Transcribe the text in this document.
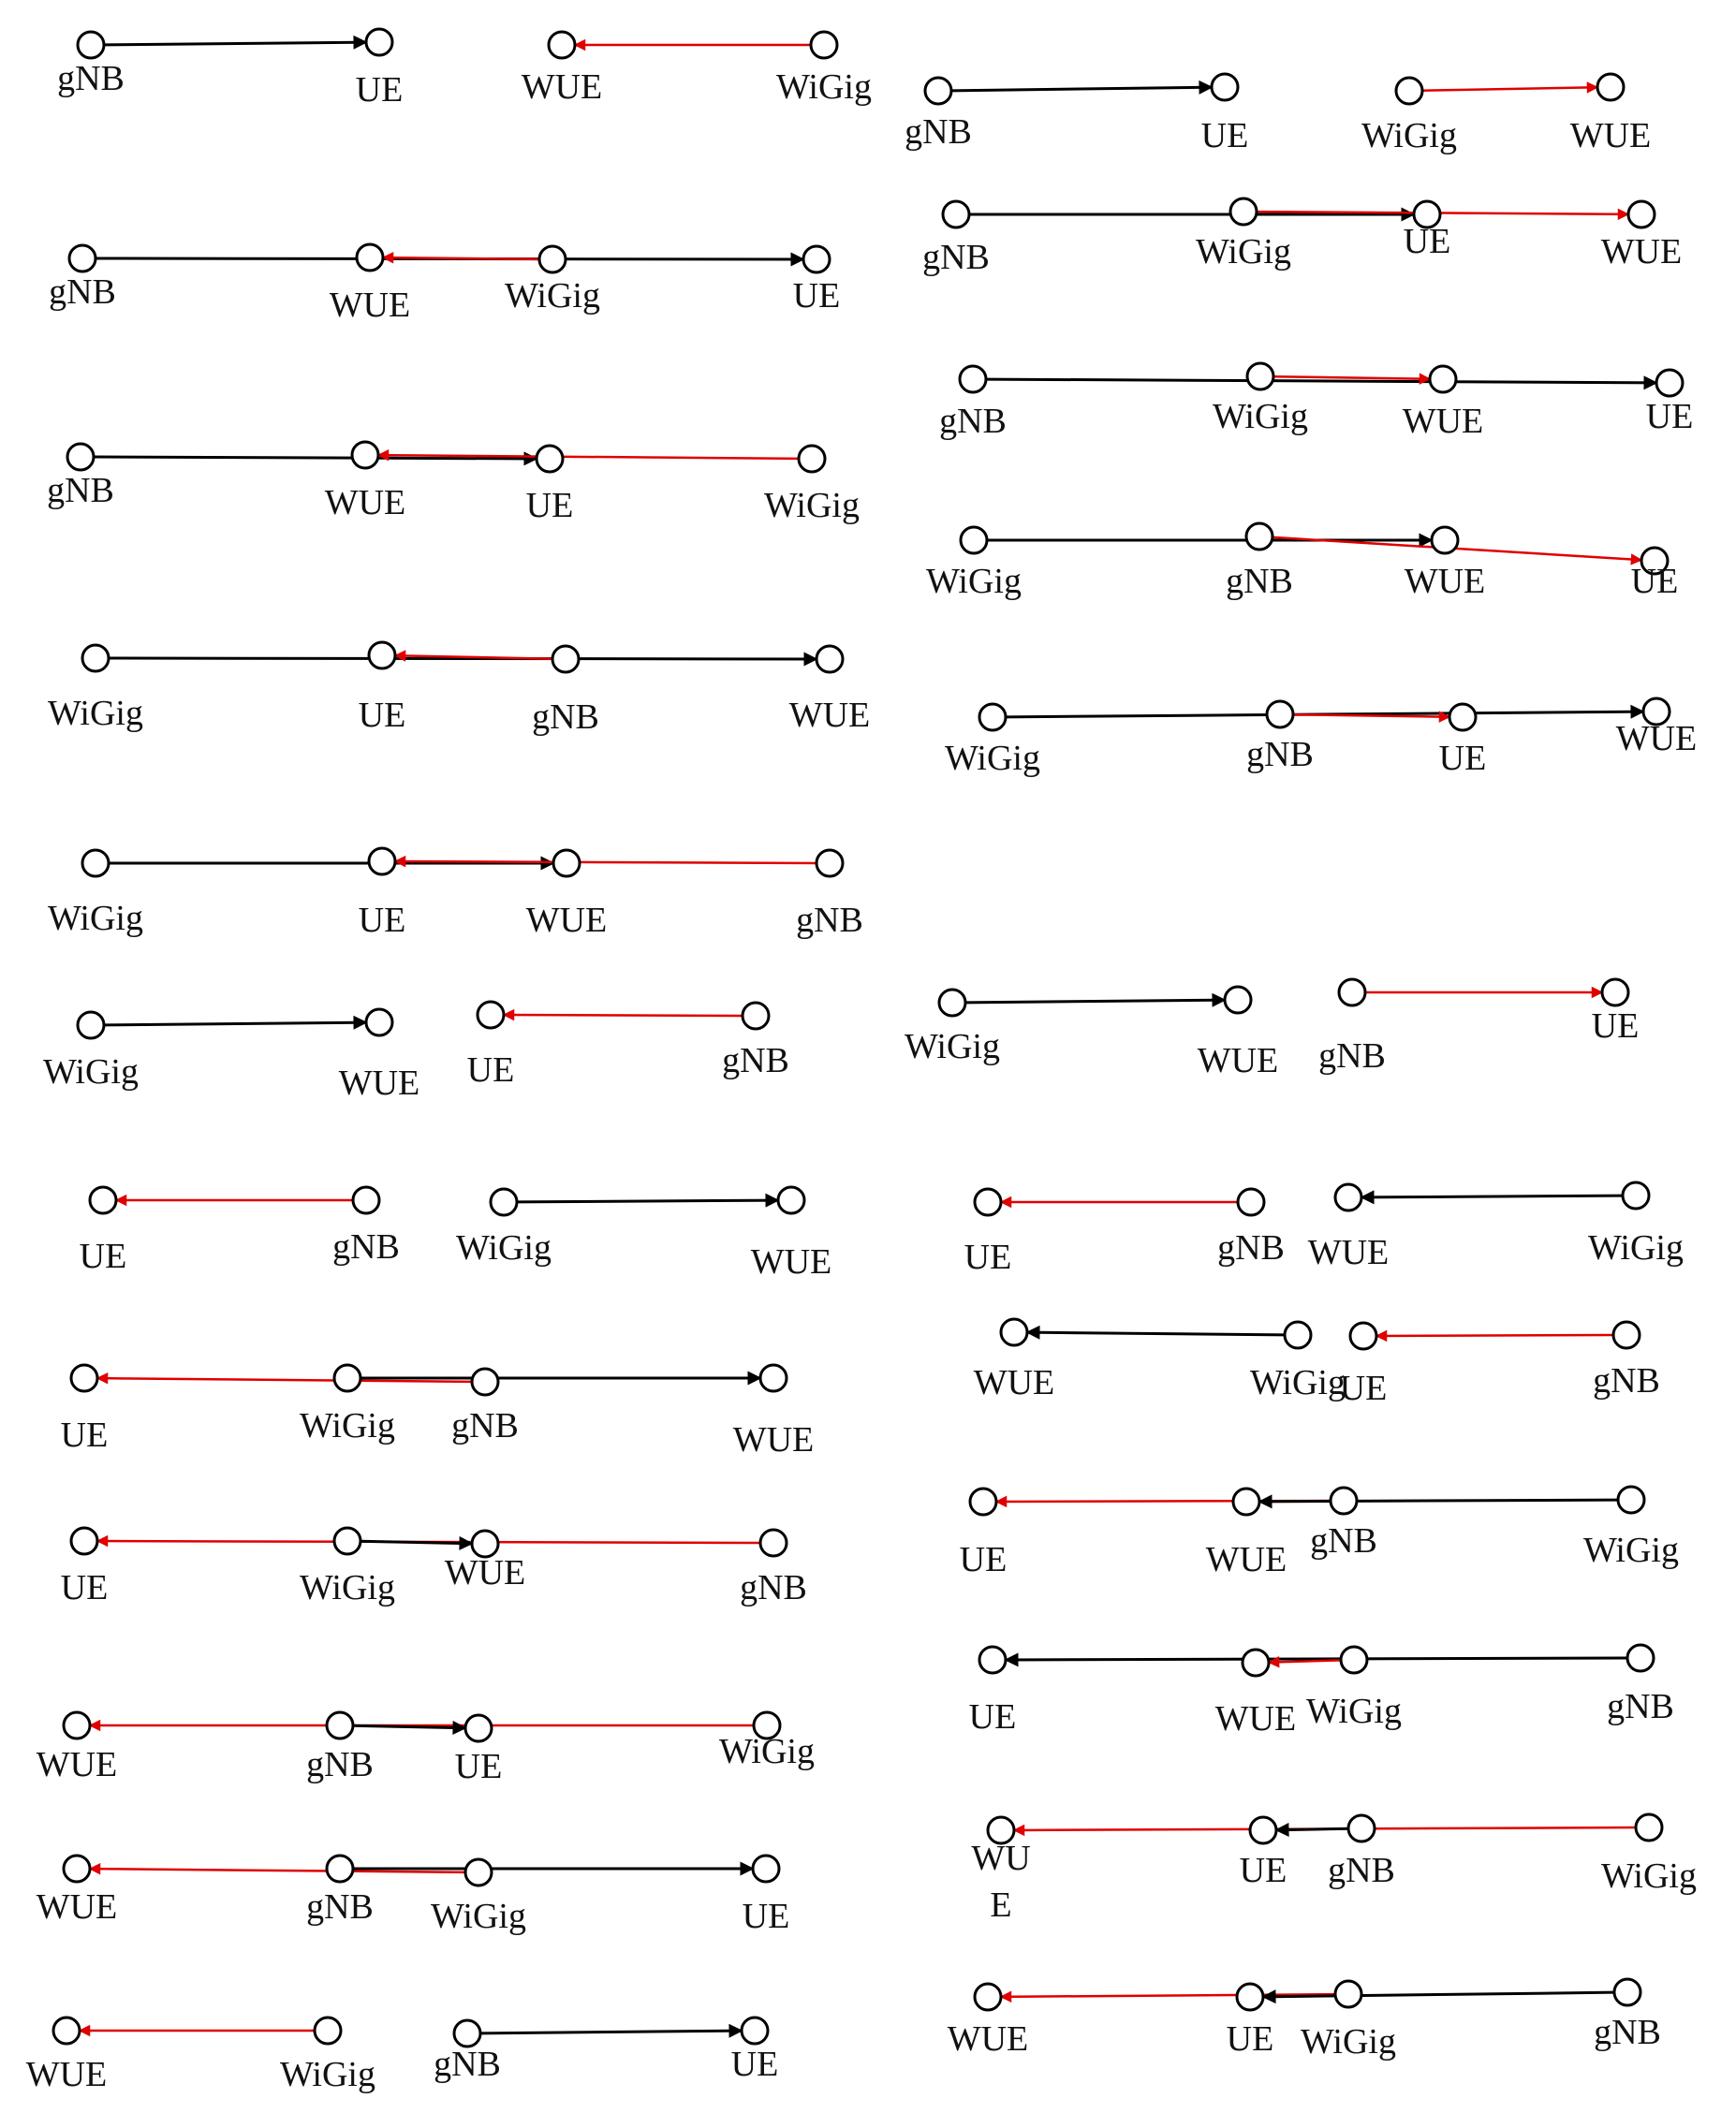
gNB	UE	WUE	WiGig
gNB	WUE	WiGig	UE
gNB	WUE	UE	WiGig
WiGig	UE	gNB	WUE
WiGig	UE	WUE	gNB
WiGig	WUE UE	gNB
UE	gNB WiGig	WUE
UE	WiGig gNB	WUE
UE	WiGig WUE	gNB
WUE	gNB UE	WiGig
WUE	gNB WiGig	UE
WUE	WiGig gNB	UE
gNB	UE	WiGig	WUE
gNB	WiGig	UE	WUE
gNB	WiGig	WUE	UE
WiGig	gNB	WUE	UE
WiGig	gNB	UE	WUE
WiGig	WUE gNB
UE
UE	gNB WUE	WiGig
WUE	WiGig
UE	gNB
UE	WUE gNB	WiGig
UE	WUE WiGig	gNB
WU E
UE gNB	WiGig
WUE	UE WiGig	gNB
